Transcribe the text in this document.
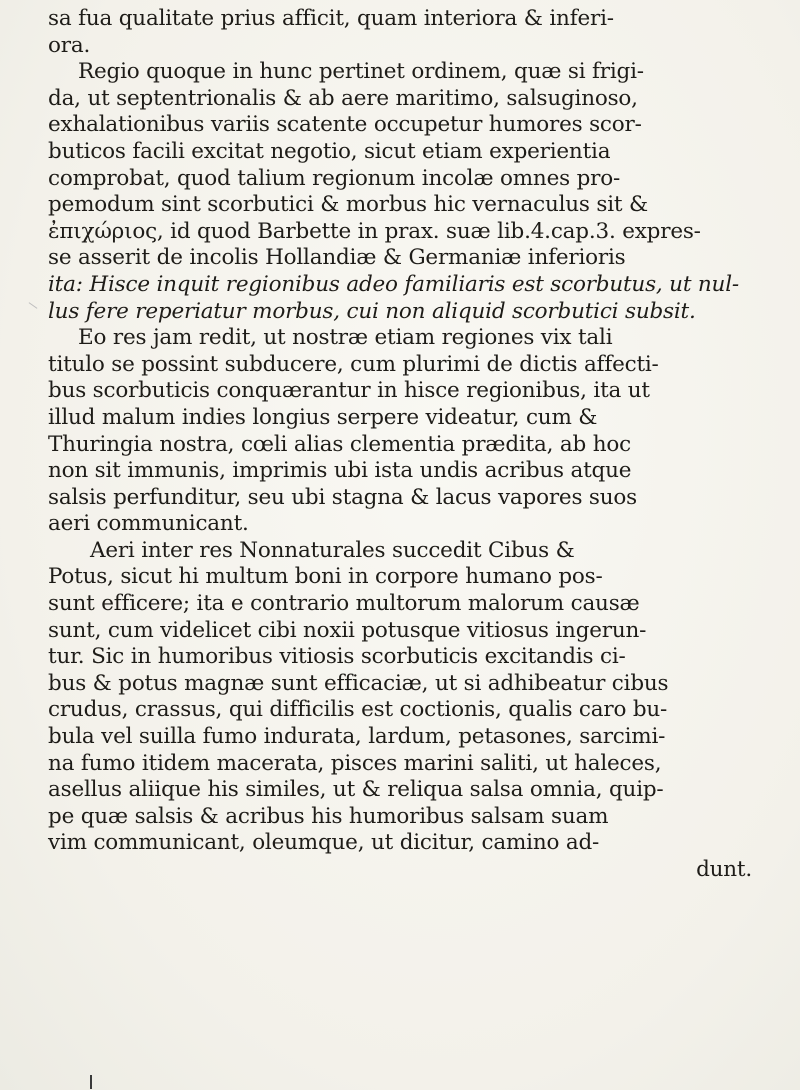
sa fua qualitate prius afficit, quam interiora & inferi-
ora.
Regio quoque in hunc pertinet ordinem, quæ si frigi-
da, ut septentrionalis & ab aere maritimo, salsuginoso,
exhalationibus variis scatente occupetur humores scor-
buticos facili excitat negotio, sicut etiam experientia
comprobat, quod talium regionum incolæ omnes pro-
pemodum sint scorbutici & morbus hic vernaculus sit &
ἐπιχώριος, id quod Barbette in prax. suæ lib.4.cap.3. expres-
se asserit de incolis Hollandiæ & Germaniæ inferioris
ita: Hisce inquit regionibus adeo familiaris est scorbutus, ut nul-
lus fere reperiatur morbus, cui non aliquid scorbutici subsit.
Eo res jam redit, ut nostræ etiam regiones vix tali
titulo se possint subducere, cum plurimi de dictis affecti-
bus scorbuticis conquærantur in hisce regionibus, ita ut
illud malum indies longius serpere videatur, cum &
Thuringia nostra, cœli alias clementia prædita, ab hoc
non sit immunis, imprimis ubi ista undis acribus atque
salsis perfunditur, seu ubi stagna & lacus vapores suos
aeri communicant.
Aeri inter res Nonnaturales succedit Cibus &
Potus, sicut hi multum boni in corpore humano pos-
sunt efficere; ita e contrario multorum malorum causæ
sunt, cum videlicet cibi noxii potusque vitiosus ingerun-
tur. Sic in humoribus vitiosis scorbuticis excitandis ci-
bus & potus magnæ sunt efficaciæ, ut si adhibeatur cibus
crudus, crassus, qui difficilis est coctionis, qualis caro bu-
bula vel suilla fumo indurata, lardum, petasones, sarcimi-
na fumo itidem macerata, pisces marini saliti, ut haleces,
asellus aliique his similes, ut & reliqua salsa omnia, quip-
pe quæ salsis & acribus his humoribus salsam suam
vim communicant, oleumque, ut dicitur, camino ad-
dunt.
